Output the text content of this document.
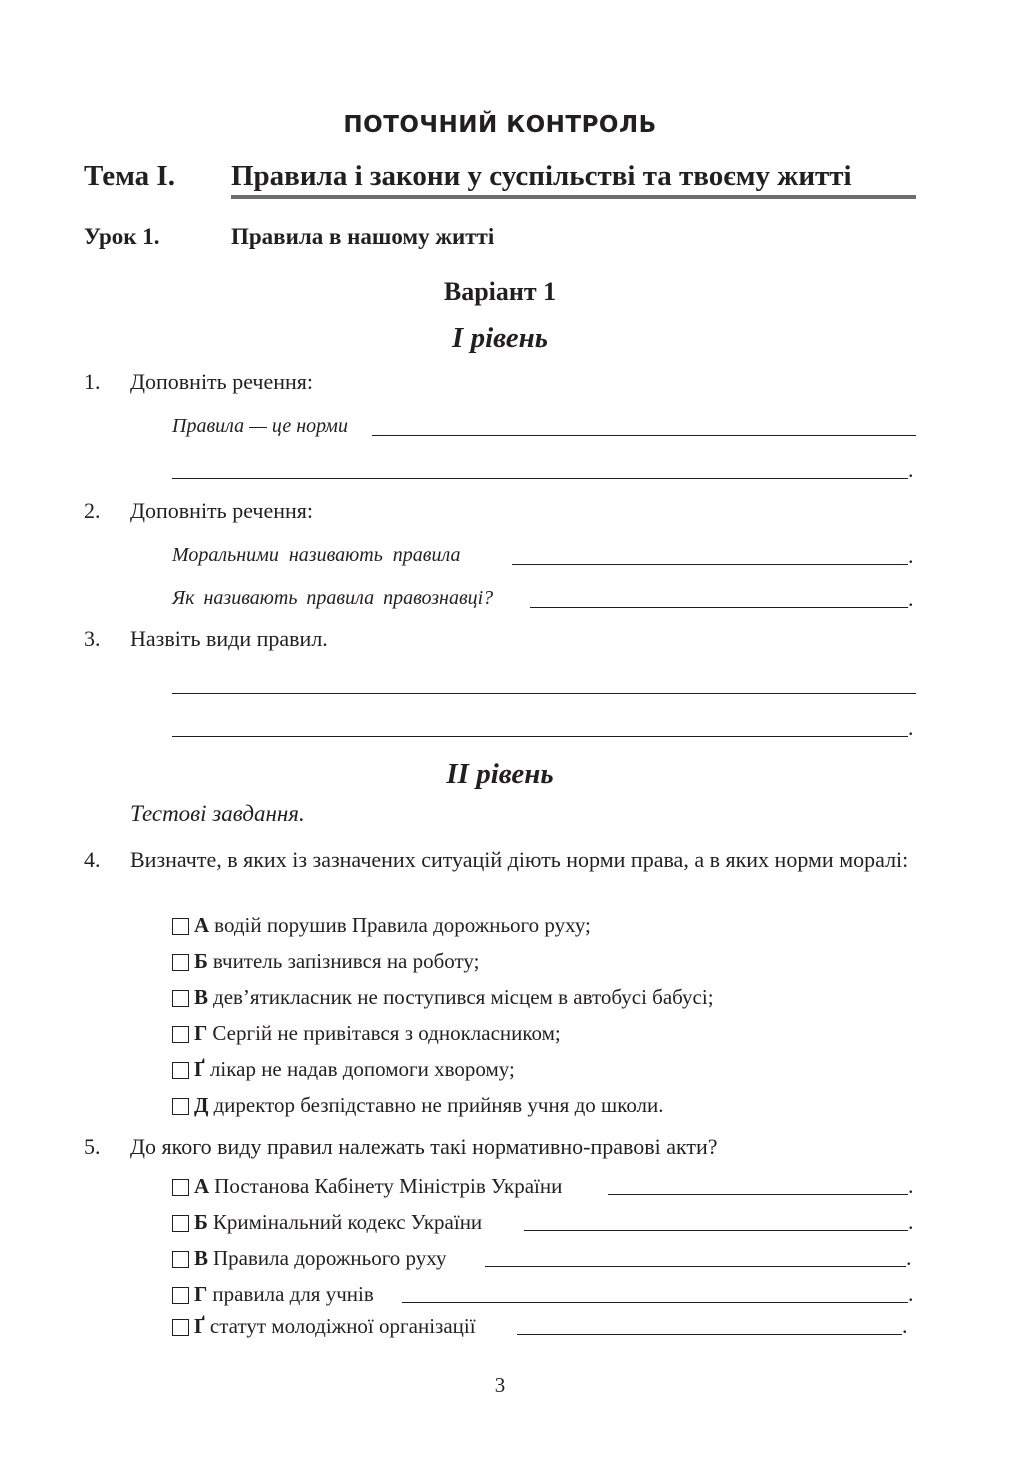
ПОТОЧНИЙ КОНТРОЛЬ
Тема I. Правила і закони у суспільстві та твоєму житті
Урок 1.	Правила в нашому житті
Варіант 1
I рівень
1. Доповніть речення:
Правила — це норми
.
2. Доповніть речення:
Моральними називають правила	.
Як називають правила правознавці?	.
3. Назвіть види правил.
.
II рівень
Тестові завдання.
4. Визначте, в яких із зазначених ситуацій діють норми права, а в яких норми моралі:
А водій порушив Правила дорожнього руху;
Б вчитель запізнився на роботу;
В дев’ятикласник не поступився місцем в автобусі бабусі;
Г Сергій не привітався з однокласником;
Ґ лікар не надав допомоги хворому;
Д директор безпідставно не прийняв учня до школи.
5. До якого виду правил належать такі нормативно-правові акти?
А Постанова Кабінету Міністрів України	.
Б Кримінальний кодекс України	.
В Правила дорожнього руху	.
Г правила для учнів	.
Ґ статут молодіжної організації	.
3
